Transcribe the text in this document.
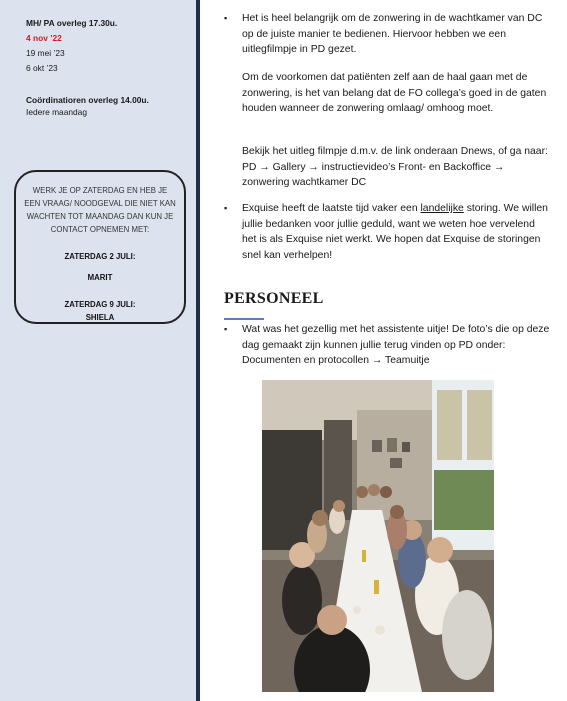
MH/ PA overleg 17.30u.
4 nov ’22
19 mei ’23
6 okt ’23
Coördinatioren overleg 14.00u.
Iedere maandag
WERK JE OP ZATERDAG EN HEB JE EEN VRAAG/ NOODGEVAL DIE NIET KAN WACHTEN TOT MAANDAG DAN KUN JE CONTACT OPNEMEN MET:
ZATERDAG 2 JULI:
MARIT
ZATERDAG 9 JULI:
SHIELA
▪ Het is heel belangrijk om de zonwering in de wachtkamer van DC op de juiste manier te bedienen. Hiervoor hebben we een uitlegfilmpje in PD gezet.
Om de voorkomen dat patiënten zelf aan de haal gaan met de zonwering, is het van belang dat de FO collega’s goed in de gaten houden wanneer de zonwering omlaag/ omhoog moet.
Bekijk het uitleg filmpje d.m.v. de link onderaan Dnews, of ga naar: PD → Gallery → instructievideo’s Front- en Backoffice → zonwering wachtkamer DC
▪ Exquise heeft de laatste tijd vaker een landelijke storing. We willen jullie bedanken voor jullie geduld, want we weten hoe vervelend het is als Exquise niet werkt. We hopen dat Exquise de storingen snel kan verhelpen!
PERSONEEL
▪ Wat was het gezellig met het assistente uitje! De foto’s die op deze dag gemaakt zijn kunnen jullie terug vinden op PD onder: Documenten en protocollen → Teamuitje
